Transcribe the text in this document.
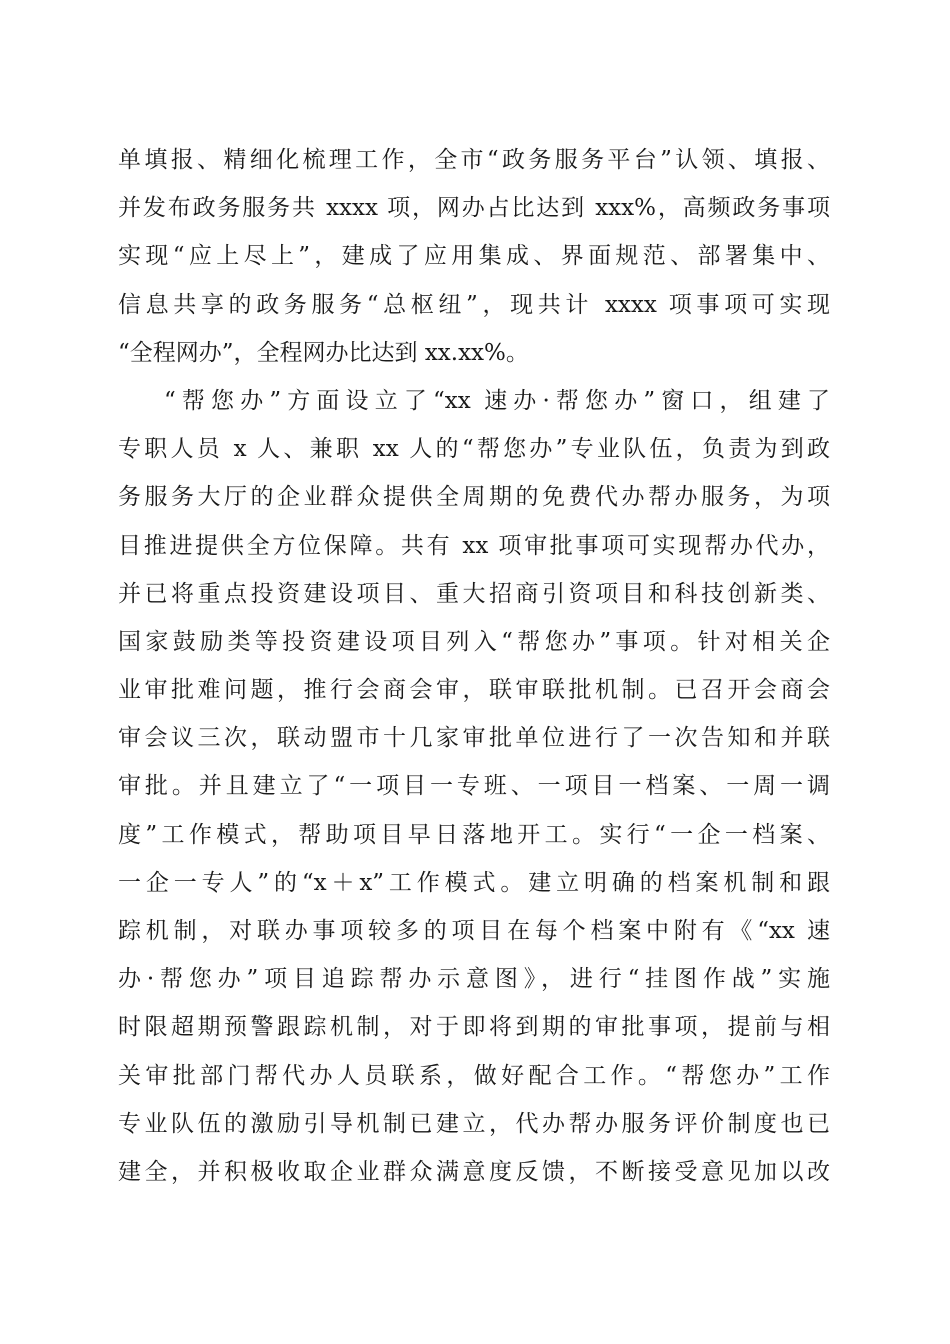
单填报、精细化梳理工作，全市“政务服务平台”认领、填报、
并发布政务服务共 xxxx 项，网办占比达到 xxx%，高频政务事项
实现“应上尽上”，建成了应用集成、界面规范、部署集中、
信息共享的政务服务“总枢纽”，现共计 xxxx 项事项可实现
“全程网办”，全程网办比达到 xx.xx%。
“帮您办”方面设立了“xx 速办·帮您办”窗口，组建了
专职人员 x 人、兼职 xx 人的“帮您办”专业队伍，负责为到政
务服务大厅的企业群众提供全周期的免费代办帮办服务，为项
目推进提供全方位保障。共有 xx 项审批事项可实现帮办代办，
并已将重点投资建设项目、重大招商引资项目和科技创新类、
国家鼓励类等投资建设项目列入“帮您办”事项。针对相关企
业审批难问题，推行会商会审，联审联批机制。已召开会商会
审会议三次，联动盟市十几家审批单位进行了一次告知和并联
审批。并且建立了“一项目一专班、一项目一档案、一周一调
度”工作模式，帮助项目早日落地开工。实行“一企一档案、
一企一专人”的“x＋x”工作模式。建立明确的档案机制和跟
踪机制，对联办事项较多的项目在每个档案中附有《“xx 速
办·帮您办”项目追踪帮办示意图》，进行“挂图作战”实施
时限超期预警跟踪机制，对于即将到期的审批事项，提前与相
关审批部门帮代办人员联系，做好配合工作。“帮您办”工作
专业队伍的激励引导机制已建立，代办帮办服务评价制度也已
建全，并积极收取企业群众满意度反馈，不断接受意见加以改
